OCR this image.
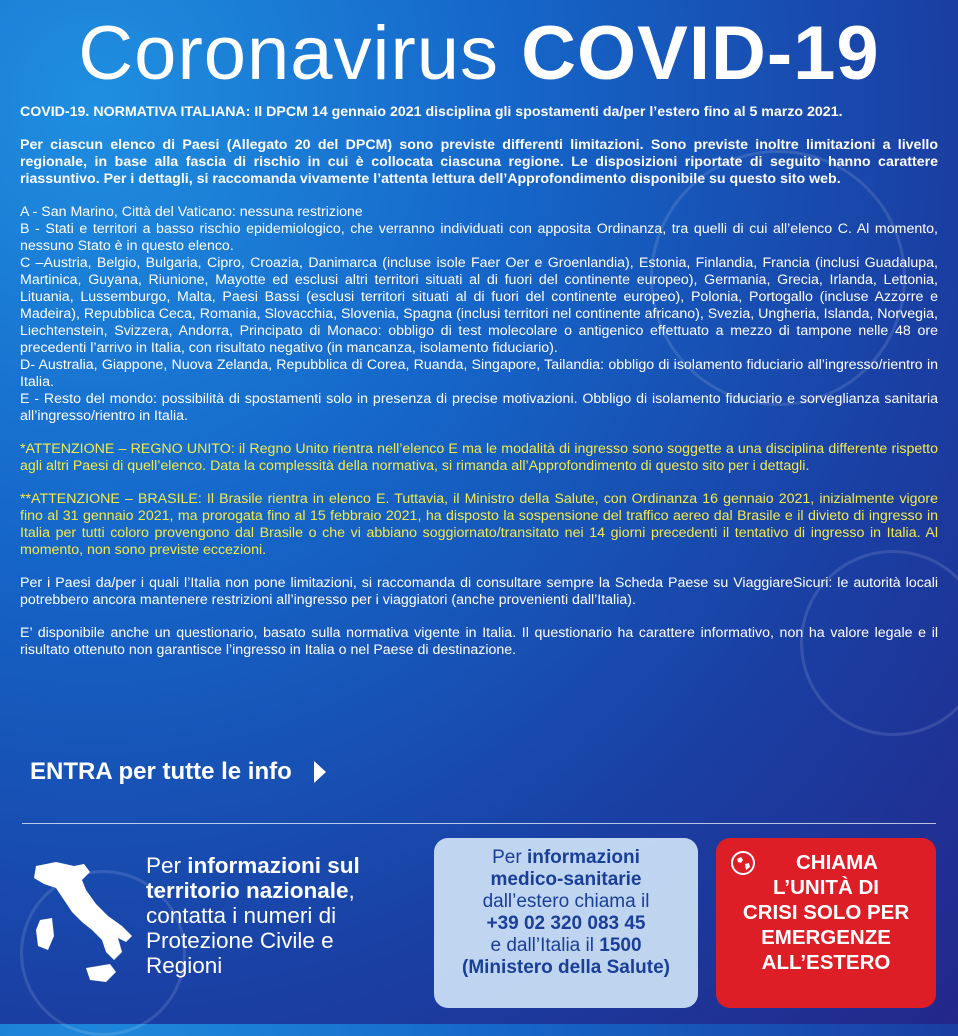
Coronavirus COVID-19

COVID-19. NORMATIVA ITALIANA: Il DPCM 14 gennaio 2021 disciplina gli spostamenti da/per l’estero fino al 5 marzo 2021.

Per ciascun elenco di Paesi (Allegato 20 del DPCM) sono previste differenti limitazioni. Sono previste inoltre limitazioni a livello regionale, in base alla fascia di rischio in cui è collocata ciascuna regione. Le disposizioni riportate di seguito hanno carattere riassuntivo. Per i dettagli, si raccomanda vivamente l’attenta lettura dell’Approfondimento disponibile su questo sito web.

A - San Marino, Città del Vaticano: nessuna restrizione

B - Stati e territori a basso rischio epidemiologico, che verranno individuati con apposita Ordinanza, tra quelli di cui all’elenco C. Al momento, nessuno Stato è in questo elenco.

C –Austria, Belgio, Bulgaria, Cipro, Croazia, Danimarca (incluse isole Faer Oer e Groenlandia), Estonia, Finlandia, Francia (inclusi Guadalupa, Martinica, Guyana, Riunione, Mayotte ed esclusi altri territori situati al di fuori del continente europeo), Germania, Grecia, Irlanda, Lettonia, Lituania, Lussemburgo, Malta, Paesi Bassi (esclusi territori situati al di fuori del continente europeo), Polonia, Portogallo (incluse Azzorre e Madeira), Repubblica Ceca, Romania, Slovacchia, Slovenia, Spagna (inclusi territori nel continente africano), Svezia, Ungheria, Islanda, Norvegia, Liechtenstein, Svizzera, Andorra, Principato di Monaco: obbligo di test molecolare o antigenico effettuato a mezzo di tampone nelle 48 ore precedenti l’arrivo in Italia, con risultato negativo (in mancanza, isolamento fiduciario).

D- Australia, Giappone, Nuova Zelanda, Repubblica di Corea, Ruanda, Singapore, Tailandia: obbligo di isolamento fiduciario all’ingresso/rientro in Italia.

E - Resto del mondo: possibilità di spostamenti solo in presenza di precise motivazioni. Obbligo di isolamento fiduciario e sorveglianza sanitaria all’ingresso/rientro in Italia.

*ATTENZIONE – REGNO UNITO: il Regno Unito rientra nell’elenco E ma le modalità di ingresso sono soggette a una disciplina differente rispetto agli altri Paesi di quell’elenco. Data la complessità della normativa, si rimanda all’Approfondimento di questo sito per i dettagli.

**ATTENZIONE – BRASILE: Il Brasile rientra in elenco E. Tuttavia, il Ministro della Salute, con Ordinanza 16 gennaio 2021, inizialmente vigore fino al 31 gennaio 2021, ma prorogata fino al 15 febbraio 2021, ha disposto la sospensione del traffico aereo dal Brasile e il divieto di ingresso in Italia per tutti coloro provengono dal Brasile o che vi abbiano soggiornato/transitato nei 14 giorni precedenti il tentativo di ingresso in Italia. Al momento, non sono previste eccezioni.

Per i Paesi da/per i quali l’Italia non pone limitazioni, si raccomanda di consultare sempre la Scheda Paese su ViaggiareSicuri: le autorità locali potrebbero ancora mantenere restrizioni all’ingresso per i viaggiatori (anche provenienti dall’Italia).

E’ disponibile anche un questionario, basato sulla normativa vigente in Italia. Il questionario ha carattere informativo, non ha valore legale e il risultato ottenuto non garantisce l’ingresso in Italia o nel Paese di destinazione.

ENTRA per tutte le info
Per informazioni sul
territorio nazionale,
contatta i numeri di
Protezione Civile e
Regioni
Per informazioni
medico-sanitarie
dall’estero chiama il
+39 02 320 083 45
e dall’Italia il 1500
(Ministero della Salute)
CHIAMA
L’UNITÀ DI
CRISI SOLO PER
EMERGENZE
ALL’ESTERO
